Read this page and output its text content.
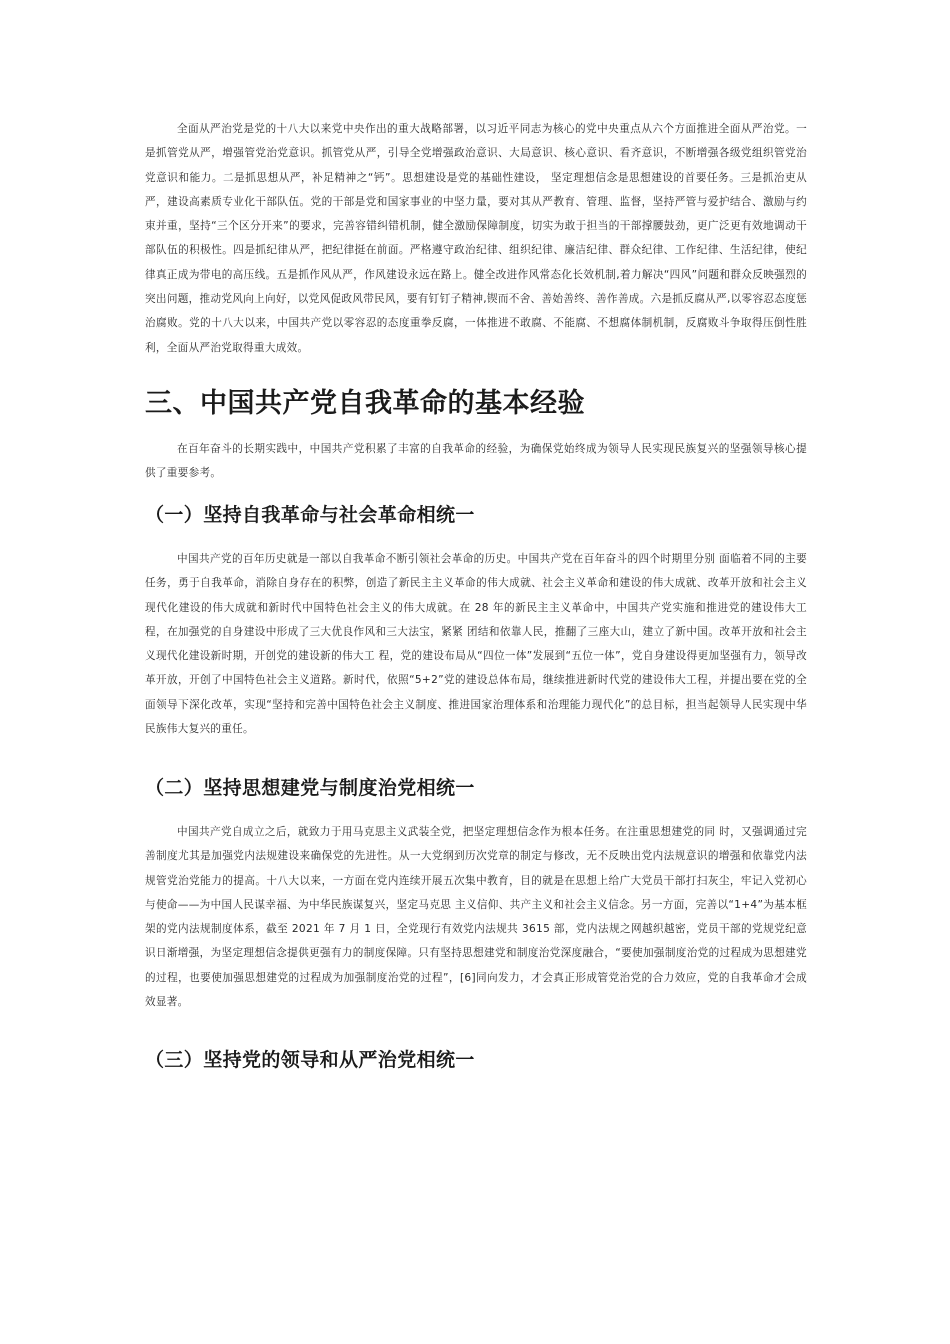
全面从严治党是党的十八大以来党中央作出的重大战略部署，以习近平同志为核心的党中央重点从六个方面推进全面从严治党。一是抓管党从严，增强管党治党意识。抓管党从严，引导全党增强政治意识、大局意识、核心意识、看齐意识，不断增强各级党组织管党治党意识和能力。二是抓思想从严，补足精神之“钙”。思想建设是党的基础性建设， 坚定理想信念是思想建设的首要任务。三是抓治吏从严，建设高素质专业化干部队伍。党的干部是党和国家事业的中坚力量，要对其从严教育、管理、监督，坚持严管与爱护结合、激励与约束并重，坚持“三个区分开来”的要求，完善容错纠错机制，健全激励保障制度，切实为敢于担当的干部撑腰鼓劲，更广泛更有效地调动干部队伍的积极性。四是抓纪律从严，把纪律挺在前面。严格遵守政治纪律、组织纪律、廉洁纪律、群众纪律、工作纪律、生活纪律，使纪律真正成为带电的高压线。五是抓作风从严，作风建设永远在路上。健全改进作风常态化长效机制,着力解决“四风”问题和群众反映强烈的突出问题，推动党风向上向好，以党风促政风带民风，要有钉钉子精神,锲而不舍、善始善终、善作善成。六是抓反腐从严,以零容忍态度惩治腐败。党的十八大以来，中国共产党以零容忍的态度重拳反腐，一体推进不敢腐、不能腐、不想腐体制机制，反腐败斗争取得压倒性胜利，全面从严治党取得重大成效。

三、中国共产党自我革命的基本经验

在百年奋斗的长期实践中，中国共产党积累了丰富的自我革命的经验，为确保党始终成为领导人民实现民族复兴的坚强领导核心提供了重要参考。

（一）坚持自我革命与社会革命相统一

中国共产党的百年历史就是一部以自我革命不断引领社会革命的历史。中国共产党在百年奋斗的四个时期里分别 面临着不同的主要任务，勇于自我革命，消除自身存在的积弊，创造了新民主主义革命的伟大成就、社会主义革命和建设的伟大成就、改革开放和社会主义现代化建设的伟大成就和新时代中国特色社会主义的伟大成就。在 28 年的新民主主义革命中，中国共产党实施和推进党的建设伟大工程，在加强党的自身建设中形成了三大优良作风和三大法宝，紧紧 团结和依靠人民，推翻了三座大山，建立了新中国。改革开放和社会主义现代化建设新时期，开创党的建设新的伟大工 程，党的建设布局从“四位一体”发展到“五位一体”，党自身建设得更加坚强有力，领导改革开放，开创了中国特色社会主义道路。新时代，依照“5+2”党的建设总体布局，继续推进新时代党的建设伟大工程，并提出要在党的全面领导下深化改革，实现“坚持和完善中国特色社会主义制度、推进国家治理体系和治理能力现代化”的总目标，担当起领导人民实现中华民族伟大复兴的重任。

（二）坚持思想建党与制度治党相统一

中国共产党自成立之后，就致力于用马克思主义武装全党，把坚定理想信念作为根本任务。在注重思想建党的同 时，又强调通过完善制度尤其是加强党内法规建设来确保党的先进性。从一大党纲到历次党章的制定与修改，无不反映出党内法规意识的增强和依靠党内法规管党治党能力的提高。十八大以来，一方面在党内连续开展五次集中教育，目的就是在思想上给广大党员干部打扫灰尘，牢记入党初心与使命——为中国人民谋幸福、为中华民族谋复兴，坚定马克思 主义信仰、共产主义和社会主义信念。另一方面，完善以“1+4”为基本框架的党内法规制度体系，截至 2021 年 7 月 1 日，全党现行有效党内法规共 3615 部，党内法规之网越织越密，党员干部的党规党纪意识日渐增强，为坚定理想信念提供更强有力的制度保障。只有坚持思想建党和制度治党深度融合，“要使加强制度治党的过程成为思想建党的过程，也要使加强思想建党的过程成为加强制度治党的过程”，[6]同向发力，才会真正形成管党治党的合力效应，党的自我革命才会成效显著。

（三）坚持党的领导和从严治党相统一
